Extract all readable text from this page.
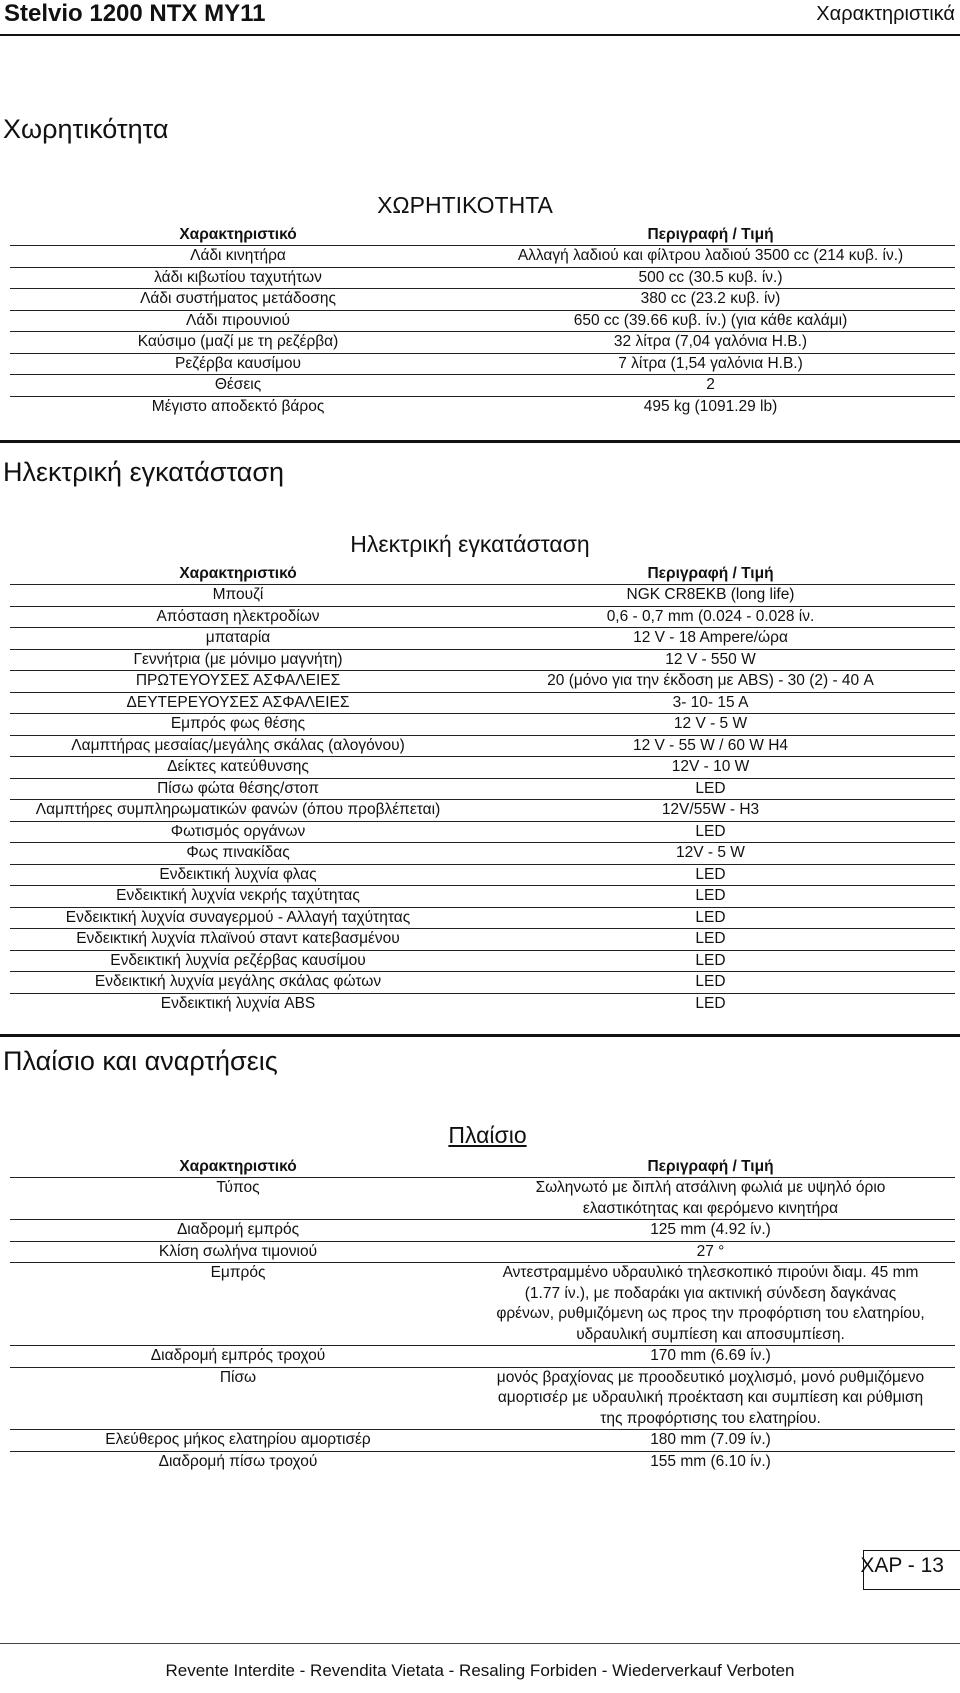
Stelvio 1200 NTX MY11	Χαρακτηριστικά
Χωρητικότητα
ΧΩΡΗΤΙΚΟΤΗΤΑ
Χαρακτηριστικό	Περιγραφή / Τιμή
Λάδι κινητήρα	Αλλαγή λαδιού και φίλτρου λαδιού 3500 cc (214 κυβ. ίν.)
λάδι κιβωτίου ταχυτήτων	500 cc (30.5 κυβ. ίν.)
Λάδι συστήματος μετάδοσης	380 cc (23.2 κυβ. ίν)
Λάδι πιρουνιού	650 cc (39.66 κυβ. ίν.) (για κάθε καλάμι)
Καύσιμο (μαζί με τη ρεζέρβα)	32 λίτρα (7,04 γαλόνια Η.Β.)
Ρεζέρβα καυσίμου	7 λίτρα (1,54 γαλόνια Η.Β.)
Θέσεις	2
Μέγιστο αποδεκτό βάρος	495 kg (1091.29 lb)
Ηλεκτρική εγκατάσταση
Ηλεκτρική εγκατάσταση
Χαρακτηριστικό	Περιγραφή / Τιμή
Μπουζί	NGK CR8EKB (long life)
Απόσταση ηλεκτροδίων	0,6 - 0,7 mm (0.024 - 0.028 ίν.
μπαταρία	12 V - 18 Ampere/ώρα
Γεννήτρια (με μόνιμο μαγνήτη)	12 V - 550 W
ΠΡΩΤΕΥΟΥΣΕΣ ΑΣΦΑΛΕΙΕΣ	20 (μόνο για την έκδοση με ABS) - 30 (2) - 40 A
ΔΕΥΤΕΡΕΥΟΥΣΕΣ ΑΣΦΑΛΕΙΕΣ	3- 10- 15 A
Εμπρός φως θέσης	12 V - 5 W
Λαμπτήρας μεσαίας/μεγάλης σκάλας (αλογόνου)	12 V - 55 W / 60 W H4
Δείκτες κατεύθυνσης	12V - 10 W
Πίσω φώτα θέσης/στοπ	LED
Λαμπτήρες συμπληρωματικών φανών (όπου προβλέπεται)	12V/55W - H3
Φωτισμός οργάνων	LED
Φως πινακίδας	12V - 5 W
Ενδεικτική λυχνία φλας	LED
Ενδεικτική λυχνία νεκρής ταχύτητας	LED
Ενδεικτική λυχνία συναγερμού - Αλλαγή ταχύτητας	LED
Ενδεικτική λυχνία πλαϊνού σταντ κατεβασμένου	LED
Ενδεικτική λυχνία ρεζέρβας καυσίμου	LED
Ενδεικτική λυχνία μεγάλης σκάλας φώτων	LED
Ενδεικτική λυχνία ABS	LED
Πλαίσιο και αναρτήσεις
Πλαίσιο
Χαρακτηριστικό	Περιγραφή / Τιμή
Τύπος	Σωληνωτό με διπλή ατσάλινη φωλιά με υψηλό όριο ελαστικότητας και φερόμενο κινητήρα
Διαδρομή εμπρός	125 mm (4.92 ίν.)
Κλίση σωλήνα τιμονιού	27 °
Εμπρός	Αντεστραμμένο υδραυλικό τηλεσκοπικό πιρούνι διαμ. 45 mm (1.77 ίν.), με ποδαράκι για ακτινική σύνδεση δαγκάνας φρένων, ρυθμιζόμενη ως προς την προφόρτιση του ελατηρίου, υδραυλική συμπίεση και αποσυμπίεση.
Διαδρομή εμπρός τροχού	170 mm (6.69 ίν.)
Πίσω	μονός βραχίονας με προοδευτικό μοχλισμό, μονό ρυθμιζόμενο αμορτισέρ με υδραυλική προέκταση και συμπίεση και ρύθμιση της προφόρτισης του ελατηρίου.
Ελεύθερος μήκος ελατηρίου αμορτισέρ	180 mm (7.09 ίν.)
Διαδρομή πίσω τροχού	155 mm (6.10 ίν.)
ΧΑΡ - 13
Revente Interdite - Revendita Vietata - Resaling Forbiden - Wiederverkauf Verboten
